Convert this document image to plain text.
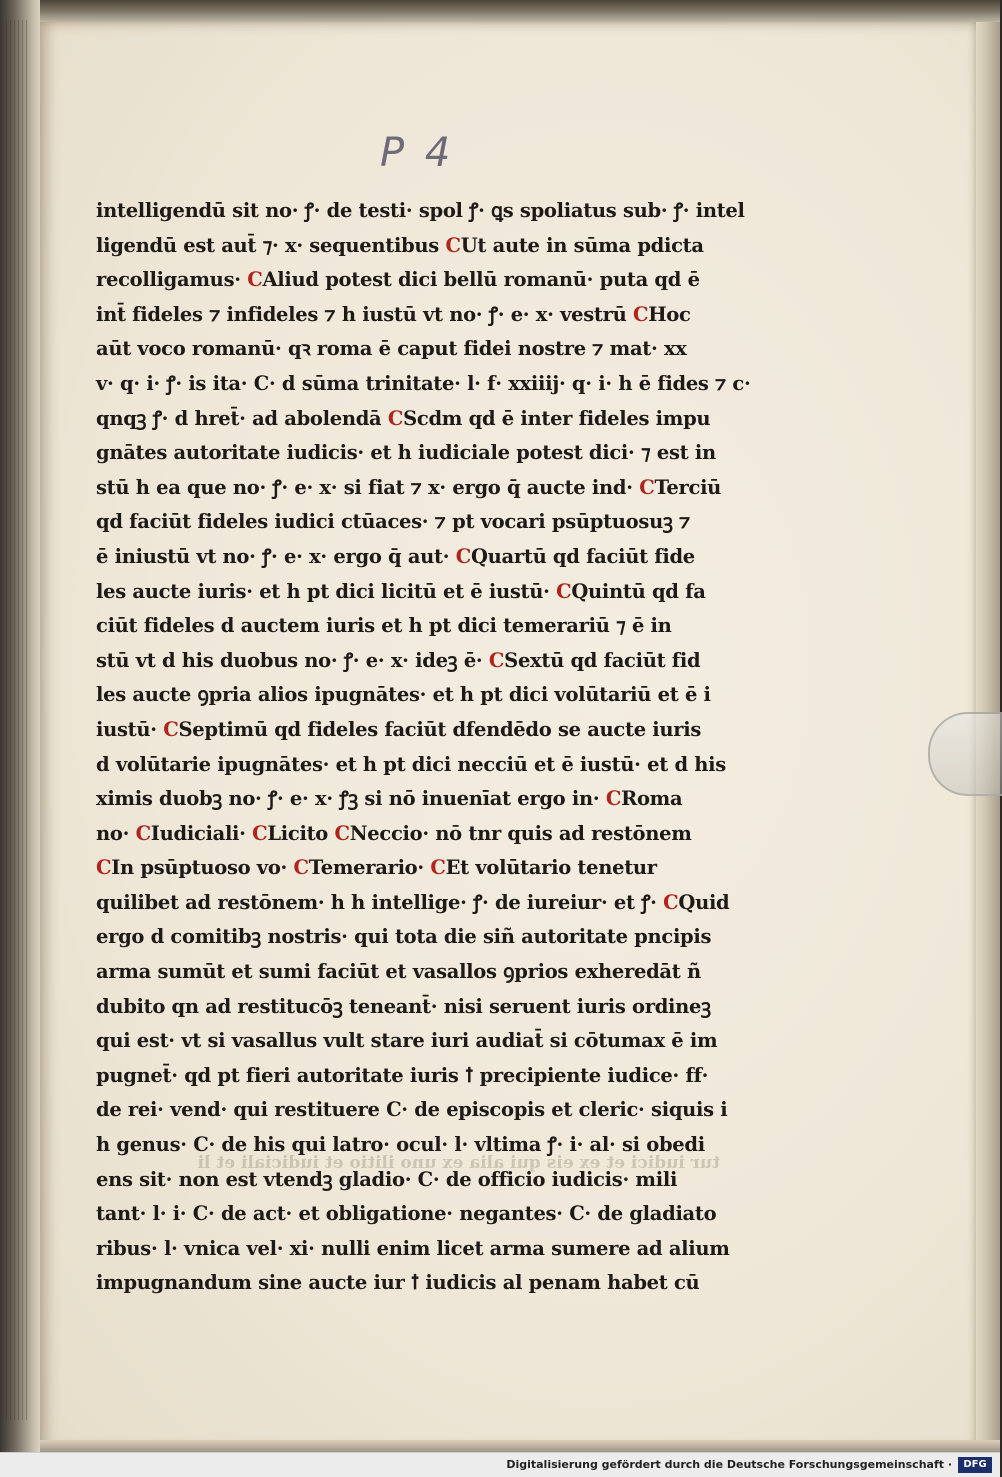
P 4
tur iudici et ex eis qui alia ex uno ilitio et iudiciali et li
intelligendū sit no· ꝭ· de testi· spol ꝭ· ꝗs spoliatus sub· ꝭ· intel
ligendū est aut̄ ⁊· x· sequentibus CUt aute in sūma pdicta
recolligamus· CAliud potest dici bellū romanū· puta qd ē
int̄ fideles ⁊ infideles ⁊ h iustū vt no· ꝭ· e· x· vestrū CHoc
aūt voco romanū· qꝛ roma ē caput fidei nostre ⁊ mat· xx
v· q· i· ꝭ· is ita· C· d sūma trinitate· l· f· xxiiij· q· i· h ē fides ⁊ c·
qnqꝫ ꝭ· d hret̄· ad abolendā CScdm qd ē inter fideles impu
gnātes autoritate iudicis· et h iudiciale potest dici· ⁊ est in
stū h ea que no· ꝭ· e· x· si fiat ⁊ x· ergo q̄ aucte ind· CTerciū
qd faciūt fideles iudici ctūaces· ⁊ pt vocari psūptuosuꝫ ⁊
ē iniustū vt no· ꝭ· e· x· ergo q̄ aut· CQuartū qd faciūt fide
les aucte iuris· et h pt dici licitū et ē iustū· CQuintū qd fa
ciūt fideles d auctem iuris et h pt dici temerariū ⁊ ē in
stū vt d his duobus no· ꝭ· e· x· ideꝫ ē· CSextū qd faciūt fid
les aucte ꝯpria alios ipugnātes· et h pt dici volūtariū et ē i
iustū· CSeptimū qd fideles faciūt dfendēdo se aucte iuris
d volūtarie ipugnātes· et h pt dici necciū et ē iustū· et d his
ximis duobꝫ no· ꝭ· e· x· ꝭꝫ si nō inuenīat ergo in· CRoma
no· CIudiciali· CLicito CNeccio· nō tnr quis ad restōnem
CIn psūptuoso vo· CTemerario· CEt volūtario tenetur
quilibet ad restōnem· h h intellige· ꝭ· de iureiur· et ꝭ· CQuid
ergo d comitibꝫ nostris· qui tota die siñ autoritate pncipis
arma sumūt et sumi faciūt et vasallos ꝯprios exheredāt ñ
dubito qn ad restitucōꝫ teneant̄· nisi seruent iuris ordineꝫ
qui est· vt si vasallus vult stare iuri audiat̄ si cōtumax ē im
pugnet̄· qd pt fieri autoritate iuris ꝉ precipiente iudice· ff·
de rei· vend· qui restituere C· de episcopis et cleric· siquis i
h genus· C· de his qui latro· ocul· l· vltima ꝭ· i· al· si obedi
ens sit· non est vtendꝫ gladio· C· de officio iudicis· mili
tant· l· i· C· de act· et obligatione· negantes· C· de gladiato
ribus· l· vnica vel· xi· nulli enim licet arma sumere ad alium
impugnandum sine aucte iur ꝉ iudicis al penam habet cū
Digitalisierung gefördert durch die Deutsche Forschungsgemeinschaft ·	DFG
